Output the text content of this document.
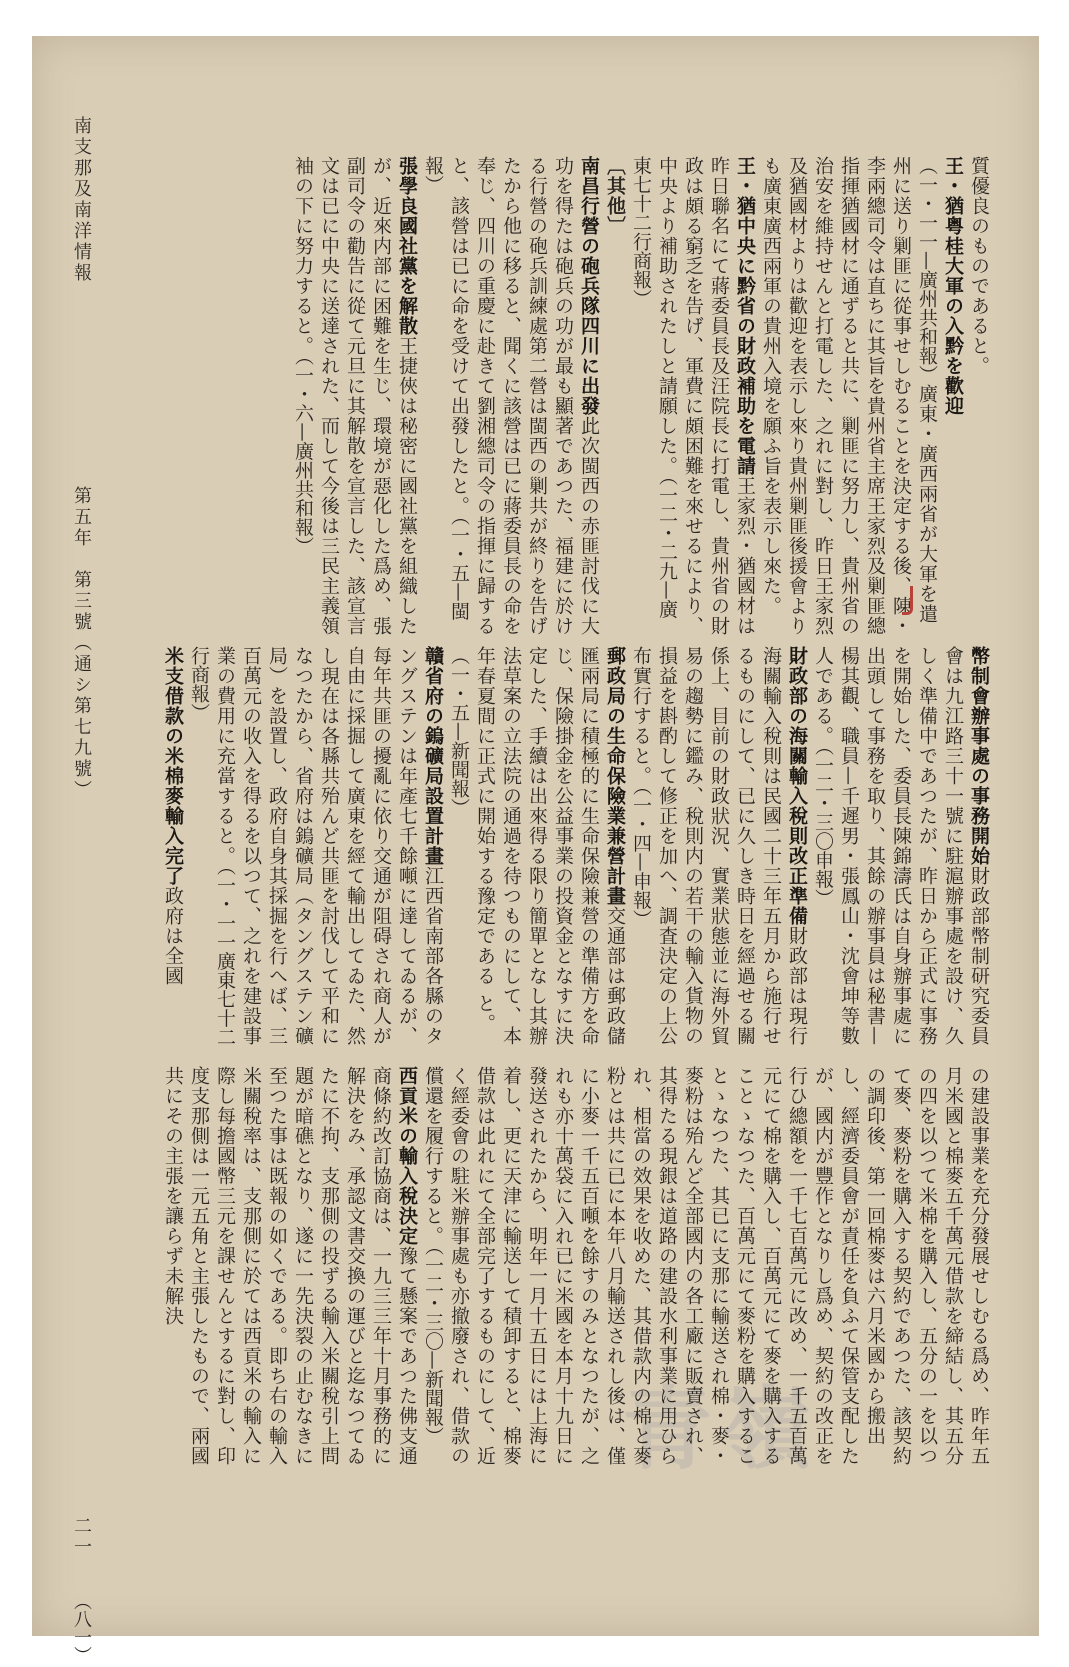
青嶺
質優良のものであると。
王・猶粤桂大軍の入黔を歡迎（一・一一—廣州共和報）廣東・廣西兩省が大軍を遣州に送り剿匪に從事せしむることを決定する後、陳・李兩總司令は直ちに其旨を貴州省主席王家烈及剿匪總指揮猶國材に通ずると共に、剿匪に努力し、貴州省の治安を維持せんと打電した、之れに對し、昨日王家烈及猶國材よりは歡迎を表示し來り貴州剿匪後援會よりも廣東廣西兩軍の貴州入境を願ふ旨を表示し來た。
王・猶中央に黔省の財政補助を電請王家烈・猶國材は昨日聯名にて蔣委員長及汪院長に打電し、貴州省の財政は頗る窮乏を告げ、軍費に頗困難を來せるにより、中央より補助されたしと請願した。（一二・二九—廣東七十二行商報）
〔其他〕
南昌行營の砲兵隊四川に出發此次閩西の赤匪討伐に大功を得たは砲兵の功が最も顯著であつた、福建に於ける行營の砲兵訓練處第二營は閩西の剿共が終りを告げたから他に移ると、聞くに該營は已に蔣委員長の命を奉じ、四川の重慶に赴きて劉湘總司令の指揮に歸すると、該營は已に命を受けて出發したと。（一・五—閩報）
張學良國社黨を解散王捷俠は秘密に國社黨を組織したが、近來内部に困難を生じ、環境が惡化した爲め、張副司令の勸告に從て元旦に其解散を宣言した、該宣言文は已に中央に送達された、而して今後は三民主義領袖の下に努力すると。（一・六—廣州共和報）
幣制會辦事處の事務開始財政部幣制研究委員會は九江路三十一號に駐滬辦事處を設け、久しく準備中であつたが、昨日から正式に事務を開始した、委員長陳錦濤氏は自身辦事處に出頭して事務を取り、其餘の辦事員は秘書—楊其觀、職員—千遲男・張鳳山・沈會坤等數人である。（一二・三〇申報）
財政部の海關輸入稅則改正準備財政部は現行海關輸入稅則は民國二十三年五月から施行せるものにして、已に久しき時日を經過せる關係上、目前の財政狀況、實業狀態並に海外貿易の趨勢に鑑み、稅則内の若干の輸入貨物の損益を斟酌して修正を加へ、調査決定の上公布實行すると。（一・四—申報）
郵政局の生命保險業兼營計畫交通部は郵政儲匯兩局に積極的に生命保險兼營の準備方を命じ、保險掛金を公益事業の投資金となすに決定した、手續は出來得る限り簡單となし其辦法草案の立法院の通過を待つものにして、本年春夏間に正式に開始する豫定である と。（一・五—新聞報）
贛省府の鎢礦局設置計畫江西省南部各縣のタングステンは年產七千餘噸に達してゐるが、每年共匪の擾亂に依り交通が阻碍され商人が自由に採掘して廣東を經て輸出してゐた、然し現在は各縣共殆んど共匪を討伐して平和になつたから、省府は鎢礦局（タングステン礦局）を設置し、政府自身其採掘を行へば、三百萬元の收入を得るを以つて、之れを建設事業の費用に充當すると。（一・一一廣東七十二行商報）
米支借款の米棉麥輸入完了政府は全國
の建設事業を充分發展せしむる爲め、昨年五月米國と棉麥五千萬元借款を締結し、其五分の四を以つて米棉を購入し、五分の一を以つて麥、麥粉を購入する契約であつた、該契約の調印後、第一回棉麥は六月米國から搬出し、經濟委員會が責任を負ふて保管支配したが、國内が豐作となりし爲め、契約の改正を行ひ總額を一千七百萬元に改め、一千五百萬元にて棉を購入し、百萬元にて麥を購入することゝなつた、百萬元にて麥粉を購入することゝなつた、其已に支那に輸送され棉・麥・麥粉は殆んど全部國内の各工廠に販賣され、其得たる現銀は道路の建設水利事業に用ひられ、相當の效果を收めた、其借款内の棉と麥粉とは共に已に本年八月輸送されし後は、僅に小麥一千五百噸を餘すのみとなつたが、之れも亦十萬袋に入れ已に米國を本月十九日に發送されたから、明年一月十五日には上海に着し、更に天津に輸送して積卸すると、棉麥借款は此れにて全部完了するものにして、近く經委會の駐米辦事處も亦撤廢され、借款の償還を履行すると。（一二・三〇—新聞報）
西貢米の輸入稅決定豫て懸案であつた佛支通商條約改訂協商は、一九三三年十月事務的に解決をみ、承認文書交換の運びと迄なつてゐたに不拘、支那側の投ずる輸入米關稅引上問題が暗礁となり、遂に一先決裂の止むなきに至つた事は既報の如くである。即ち右の輸入米關稅率は、支那側に於ては西貢米の輸入に際し每擔國幣三元を課せんとするに對し、印度支那側は一元五角と主張したもので、兩國共にその主張を讓らず未解決
南支那及南洋情報
第五年　第三號（通シ第七九號）
二一
（八一）
